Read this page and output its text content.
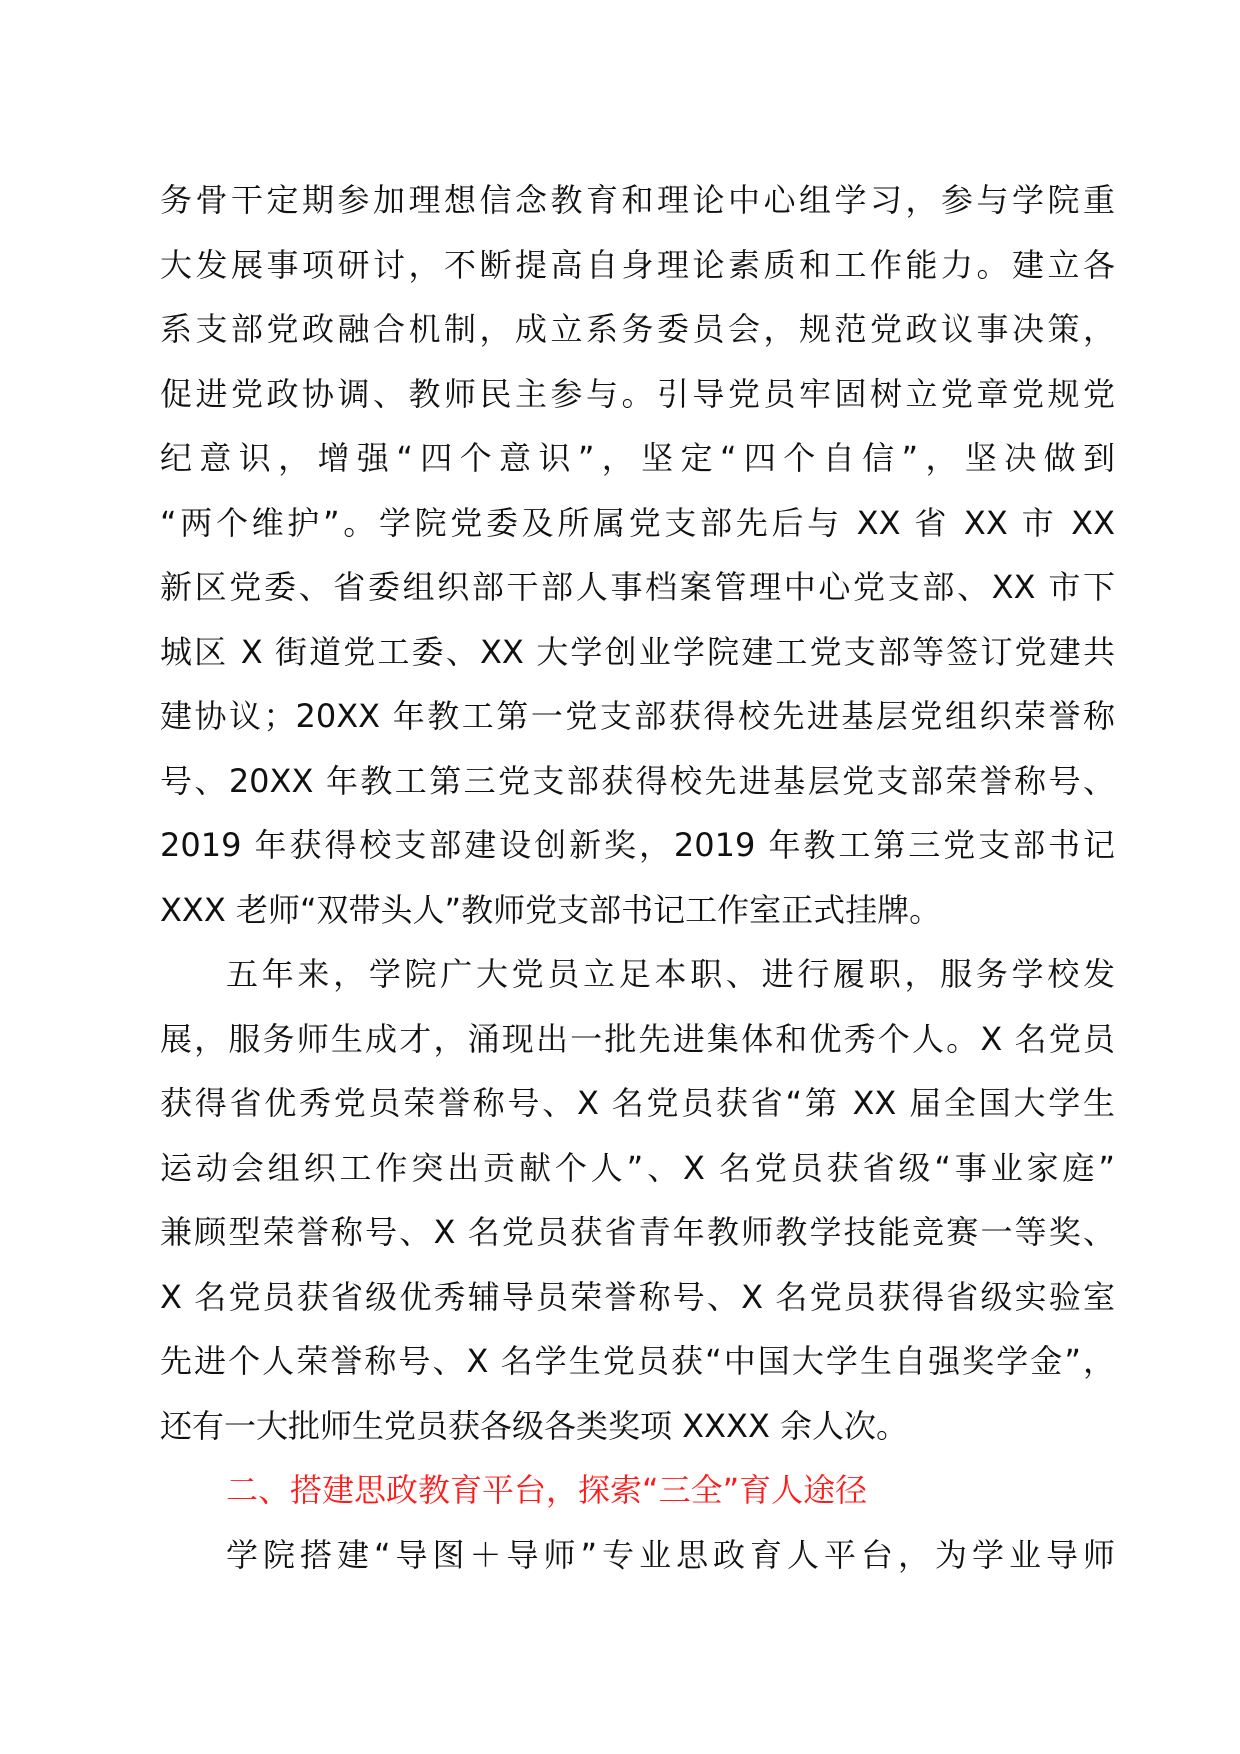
务骨干定期参加理想信念教育和理论中心组学习，参与学院重
大发展事项研讨，不断提高自身理论素质和工作能力。建立各
系支部党政融合机制，成立系务委员会，规范党政议事决策，
促进党政协调、教师民主参与。引导党员牢固树立党章党规党
纪意识，增强“四个意识”，坚定“四个自信”，坚决做到
“两个维护”。学院党委及所属党支部先后与 XX 省 XX 市 XX
新区党委、省委组织部干部人事档案管理中心党支部、XX 市下
城区 X 街道党工委、XX 大学创业学院建工党支部等签订党建共
建协议；20XX 年教工第一党支部获得校先进基层党组织荣誉称
号、20XX 年教工第三党支部获得校先进基层党支部荣誉称号、
2019 年获得校支部建设创新奖，2019 年教工第三党支部书记
XXX 老师“双带头人”教师党支部书记工作室正式挂牌。
五年来，学院广大党员立足本职、进行履职，服务学校发
展，服务师生成才，涌现出一批先进集体和优秀个人。X 名党员
获得省优秀党员荣誉称号、X 名党员获省“第 XX 届全国大学生
运动会组织工作突出贡献个人”、X 名党员获省级“事业家庭”
兼顾型荣誉称号、X 名党员获省青年教师教学技能竞赛一等奖、
X 名党员获省级优秀辅导员荣誉称号、X 名党员获得省级实验室
先进个人荣誉称号、X 名学生党员获“中国大学生自强奖学金”，
还有一大批师生党员获各级各类奖项 XXXX 余人次。
二、搭建思政教育平台，探索“三全”育人途径
学院搭建“导图＋导师”专业思政育人平台，为学业导师
